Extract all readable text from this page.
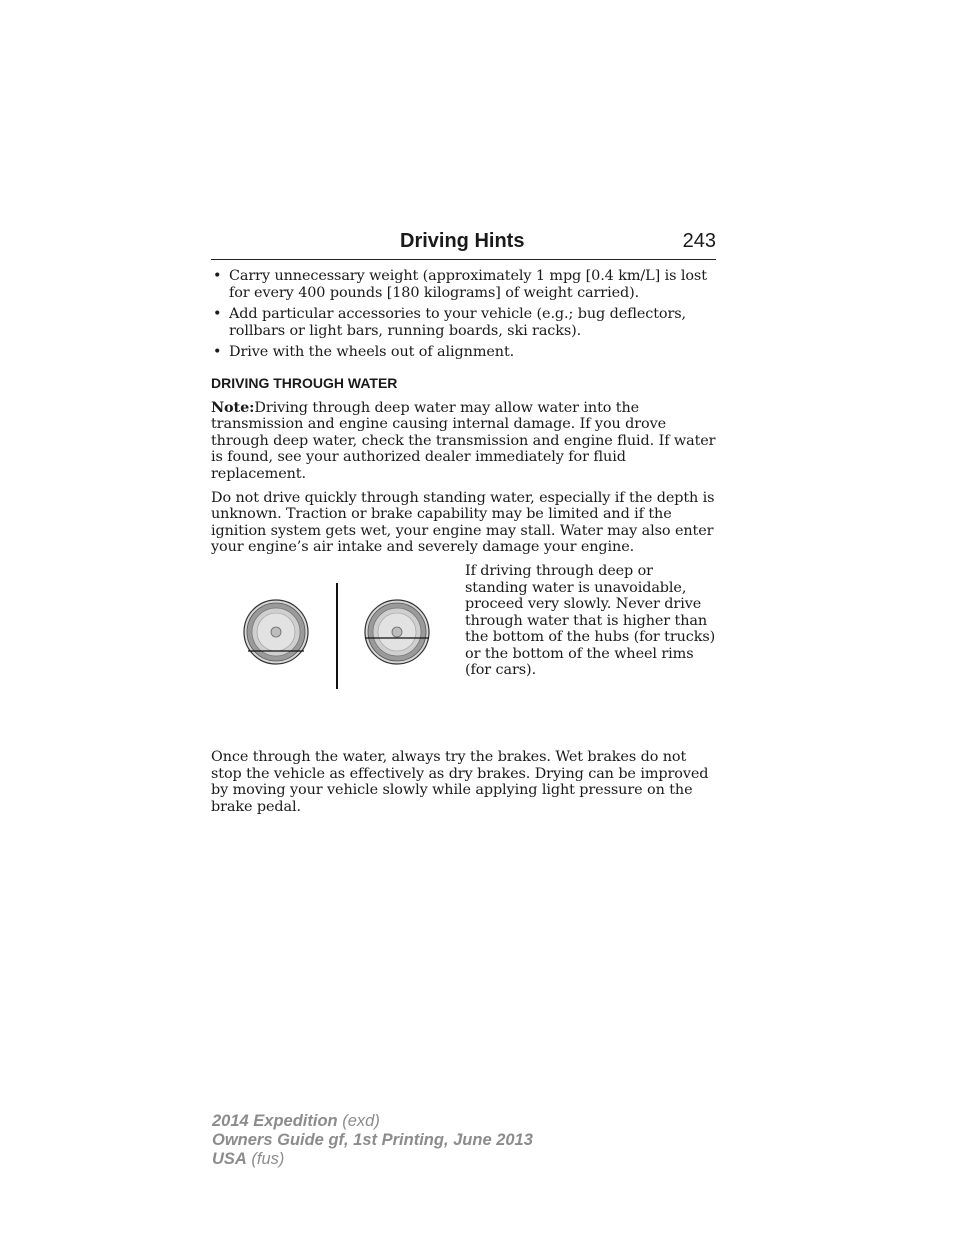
Driving Hints	243
• Carry unnecessary weight (approximately 1 mpg [0.4 km/L] is lost for every 400 pounds [180 kilograms] of weight carried).
• Add particular accessories to your vehicle (e.g.; bug deflectors, rollbars or light bars, running boards, ski racks).
• Drive with the wheels out of alignment.
DRIVING THROUGH WATER

Note:Driving through deep water may allow water into the transmission and engine causing internal damage. If you drove through deep water, check the transmission and engine fluid. If water is found, see your authorized dealer immediately for fluid replacement.

Do not drive quickly through standing water, especially if the depth is unknown. Traction or brake capability may be limited and if the ignition system gets wet, your engine may stall. Water may also enter your engine’s air intake and severely damage your engine.

If driving through deep or standing water is unavoidable, proceed very slowly. Never drive through water that is higher than the bottom of the hubs (for trucks) or the bottom of the wheel rims (for cars).

Once through the water, always try the brakes. Wet brakes do not stop the vehicle as effectively as dry brakes. Drying can be improved by moving your vehicle slowly while applying light pressure on the brake pedal.

2014 Expedition (exd)
Owners Guide gf, 1st Printing, June 2013
USA (fus)
